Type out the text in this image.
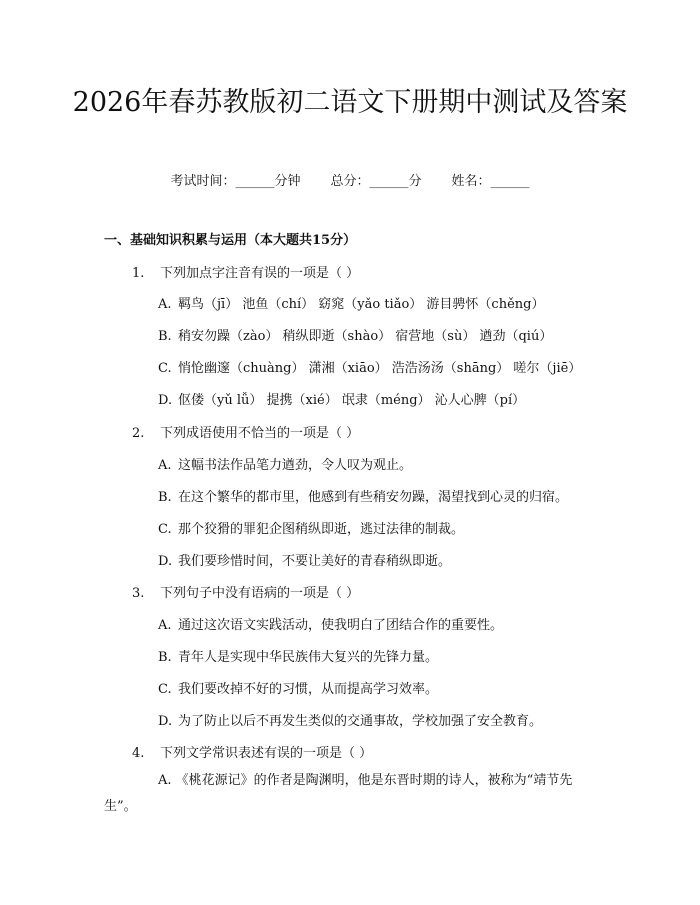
2026年春苏教版初二语文下册期中测试及答案
考试时间：______分钟 总分：______分 姓名：______
一、基础知识积累与运用（本大题共15分）
1. 下列加点字注音有误的一项是（ ）
A. 羁鸟（jī） 池鱼（chí） 窈窕（yǎo tiǎo） 游目骋怀（chěng）
B. 稍安勿躁（zào） 稍纵即逝（shào） 宿营地（sù） 遒劲（qiú）
C. 悄怆幽邃（chuàng） 潇湘（xiāo） 浩浩汤汤（shāng） 嗟尔（jiē）
D. 伛偻（yǔ lǚ） 提携（xié） 氓隶（méng） 沁人心脾（pí）
2. 下列成语使用不恰当的一项是（ ）
A. 这幅书法作品笔力遒劲，令人叹为观止。
B. 在这个繁华的都市里，他感到有些稍安勿躁，渴望找到心灵的归宿。
C. 那个狡猾的罪犯企图稍纵即逝，逃过法律的制裁。
D. 我们要珍惜时间，不要让美好的青春稍纵即逝。
3. 下列句子中没有语病的一项是（ ）
A. 通过这次语文实践活动，使我明白了团结合作的重要性。
B. 青年人是实现中华民族伟大复兴的先锋力量。
C. 我们要改掉不好的习惯，从而提高学习效率。
D. 为了防止以后不再发生类似的交通事故，学校加强了安全教育。
4. 下列文学常识表述有误的一项是（ ）
A. 《桃花源记》的作者是陶渊明，他是东晋时期的诗人，被称为“靖节先生”。
